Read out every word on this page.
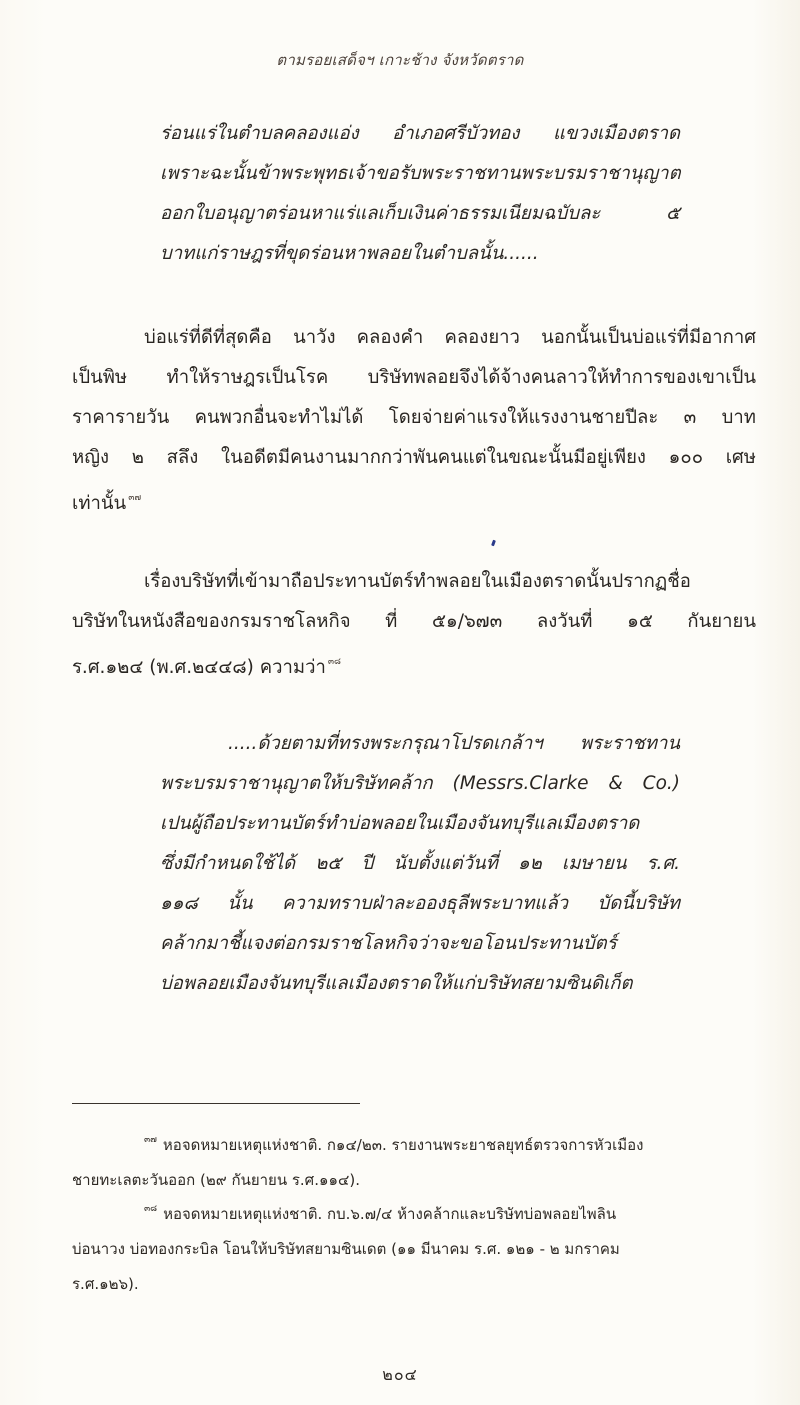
ตามรอยเสด็จฯ เกาะช้าง จังหวัดตราด
ร่อนแร่ในตำบลคลองแอ่ง อำเภอศรีบัวทอง แขวงเมืองตราด
เพราะฉะนั้นข้าพระพุทธเจ้าขอรับพระราชทานพระบรมราชานุญาต
ออกใบอนุญาตร่อนหาแร่แลเก็บเงินค่าธรรมเนียมฉบับละ ๕
บาทแก่ราษฎรที่ขุดร่อนหาพลอยในตำบลนั้น......
บ่อแร่ที่ดีที่สุดคือ นาวัง คลองคำ คลองยาว นอกนั้นเป็นบ่อแร่ที่มีอากาศ
เป็นพิษ ทำให้ราษฎรเป็นโรค บริษัทพลอยจึงได้จ้างคนลาวให้ทำการของเขาเป็น
ราคารายวัน คนพวกอื่นจะทำไม่ได้ โดยจ่ายค่าแรงให้แรงงานชายปีละ ๓ บาท
หญิง ๒ สลึง ในอดีตมีคนงานมากกว่าพันคนแต่ในขณะนั้นมีอยู่เพียง ๑๐๐ เศษ
เท่านั้น $^{๓๗}$
เรื่องบริษัทที่เข้ามาถือประทานบัตร์ทำพลอยในเมืองตราดนั้นปรากฏชื่อ
บริษัทในหนังสือของกรมราชโลหกิจ ที่ ๕๑/๖๗๓ ลงวันที่ ๑๕ กันยายน
ร.ศ.๑๒๔ (พ.ศ.๒๔๔๘) ความว่า $^{๓๘}$
.....ด้วยตามที่ทรงพระกรุณาโปรดเกล้าฯ พระราชทาน
พระบรมราชานุญาตให้บริษัทคล้าก (Messrs.Clarke & Co.)
เปนผู้ถือประทานบัตร์ทำบ่อพลอยในเมืองจันทบุรีแลเมืองตราด
ซึ่งมีกำหนดใช้ได้ ๒๕ ปี นับตั้งแต่วันที่ ๑๒ เมษายน ร.ศ.
๑๑๘ นั้น ความทราบฝ่าละอองธุลีพระบาทแล้ว บัดนี้บริษัท
คล้ากมาชี้แจงต่อกรมราชโลหกิจว่าจะขอโอนประทานบัตร์
บ่อพลอยเมืองจันทบุรีแลเมืองตราดให้แก่บริษัทสยามซินดิเก็ต
$^{๓๗}$ หอจดหมายเหตุแห่งชาติ. ก๑๔/๒๓. รายงานพระยาชลยุทธ์ตรวจการหัวเมือง
ชายทะเลตะวันออก (๒๙ กันยายน ร.ศ.๑๑๔).
$^{๓๘}$ หอจดหมายเหตุแห่งชาติ. กบ.๖.๗/๔ ห้างคล้ากและบริษัทบ่อพลอยไพลิน
บ่อนาวง บ่อทองกระบิล โอนให้บริษัทสยามซินเดต (๑๑ มีนาคม ร.ศ. ๑๒๑ - ๒ มกราคม
ร.ศ.๑๒๖).
๒๐๔
